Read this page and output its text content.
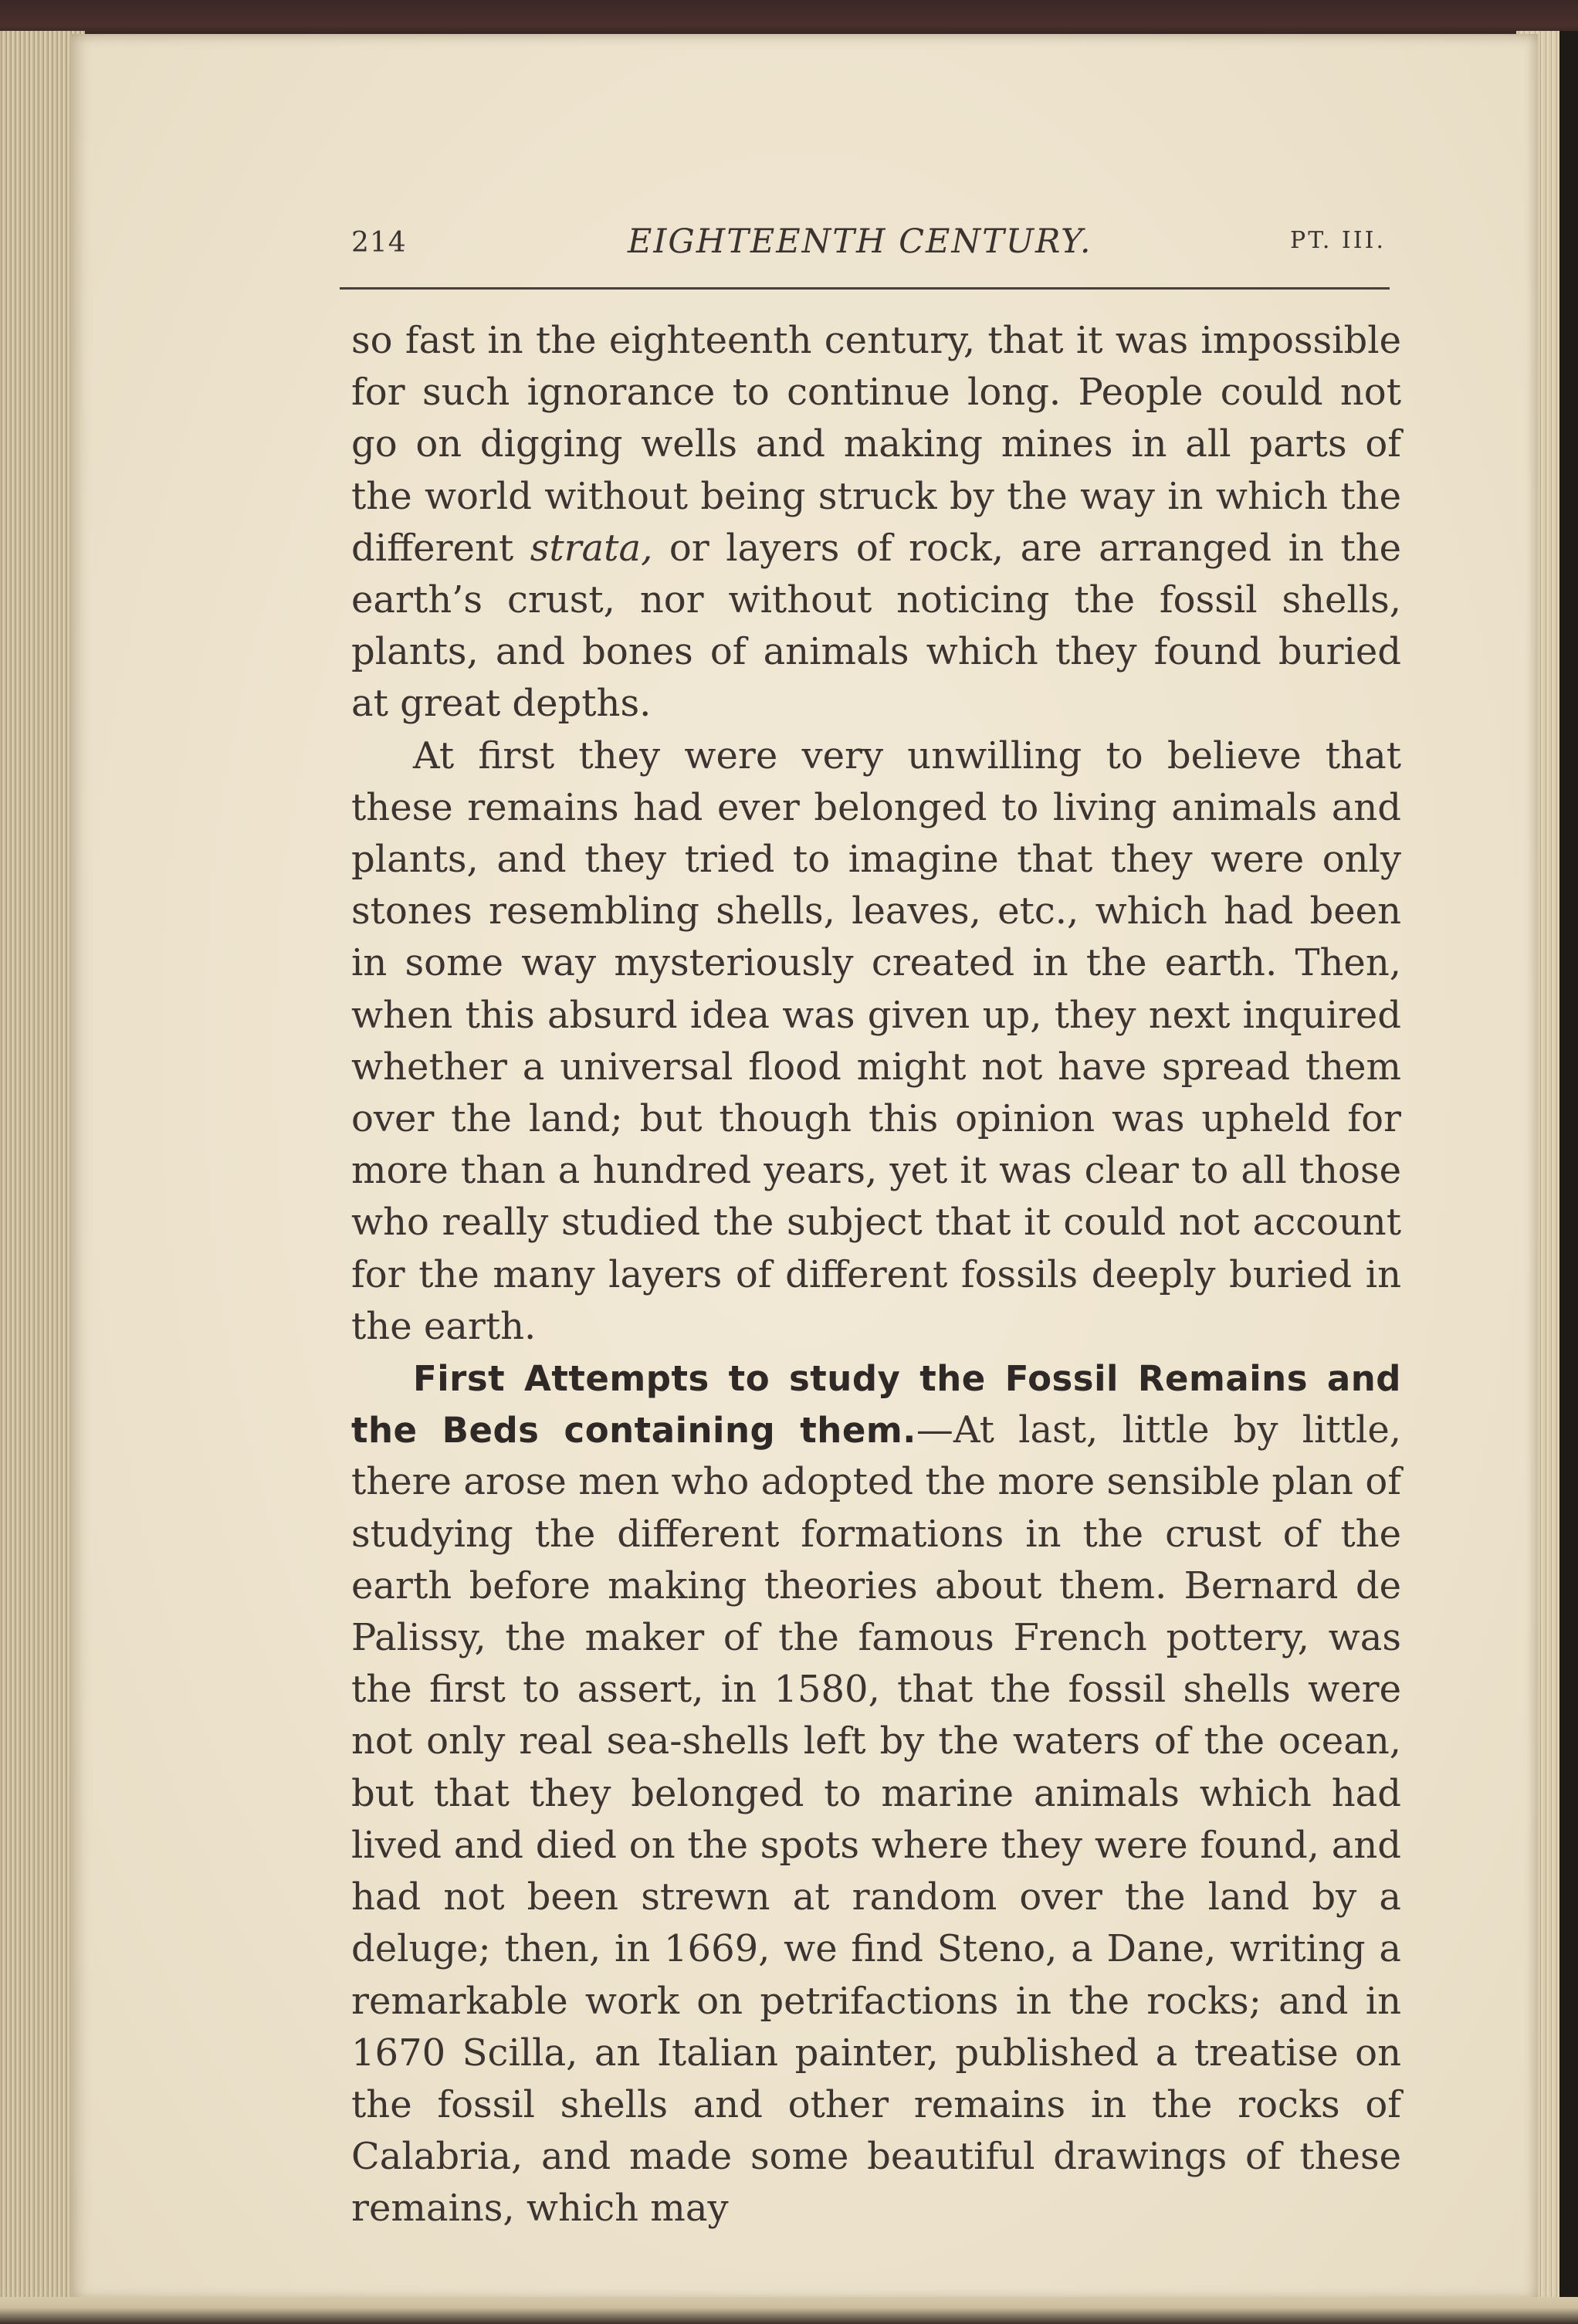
214	EIGHTEENTH CENTURY.	PT. III.

so fast in the eighteenth century, that it was impossible for such ignorance to continue long. People could not go on digging wells and making mines in all parts of the world without being struck by the way in which the different strata, or layers of rock, are arranged in the earth’s crust, nor without noticing the fossil shells, plants, and bones of animals which they found buried at great depths.

At first they were very unwilling to believe that these remains had ever belonged to living animals and plants, and they tried to imagine that they were only stones resembling shells, leaves, etc., which had been in some way mysteriously created in the earth. Then, when this absurd idea was given up, they next inquired whether a universal flood might not have spread them over the land; but though this opinion was upheld for more than a hundred years, yet it was clear to all those who really studied the subject that it could not account for the many layers of different fossils deeply buried in the earth.

First Attempts to study the Fossil Remains and the Beds containing them.—At last, little by little, there arose men who adopted the more sensible plan of studying the different formations in the crust of the earth before making theories about them. Bernard de Palissy, the maker of the famous French pottery, was the first to assert, in 1580, that the fossil shells were not only real sea-shells left by the waters of the ocean, but that they belonged to marine animals which had lived and died on the spots where they were found, and had not been strewn at random over the land by a deluge; then, in 1669, we find Steno, a Dane, writing a remarkable work on petrifactions in the rocks; and in 1670 Scilla, an Italian painter, published a treatise on the fossil shells and other remains in the rocks of Calabria, and made some beautiful drawings of these remains, which may
